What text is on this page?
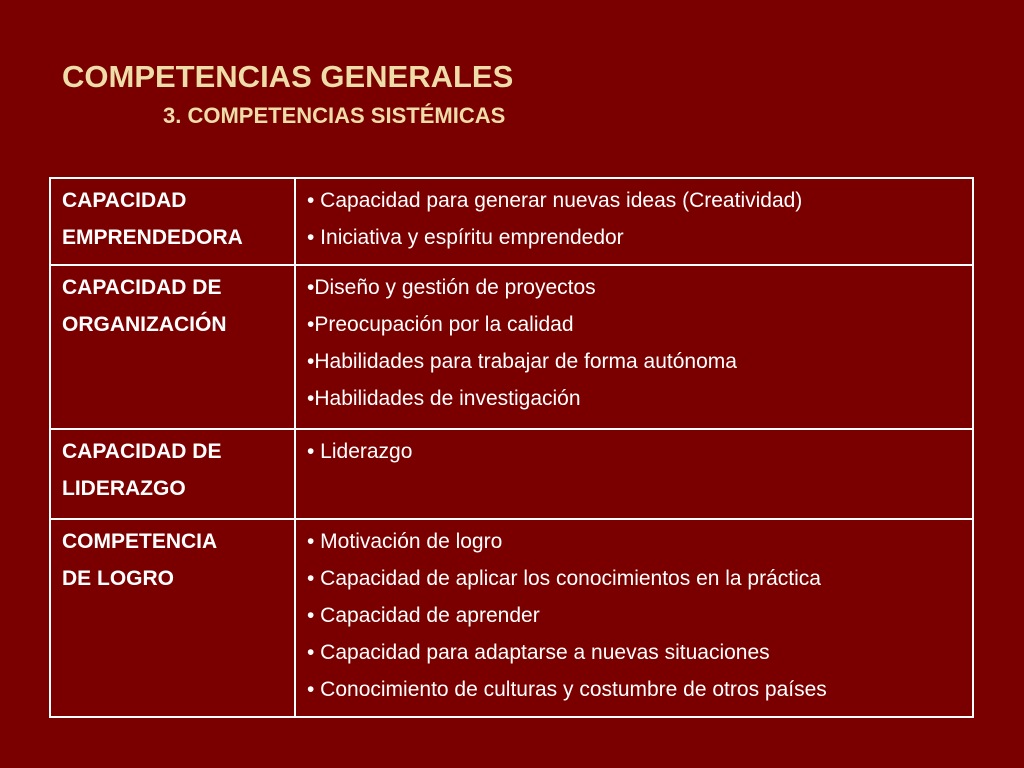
COMPETENCIAS GENERALES
3. COMPETENCIAS SISTÉMICAS
CAPACIDAD
EMPRENDEDORA	• Capacidad para generar nuevas ideas (Creatividad)
• Iniciativa y espíritu emprendedor

CAPACIDAD DE
ORGANIZACIÓN	•Diseño y gestión de proyectos
•Preocupación por la calidad
•Habilidades para trabajar de forma autónoma
•Habilidades de investigación

CAPACIDAD DE
LIDERAZGO	• Liderazgo

COMPETENCIA
DE LOGRO	• Motivación de logro
• Capacidad de aplicar los conocimientos en la práctica
• Capacidad de aprender
• Capacidad para adaptarse a nuevas situaciones
• Conocimiento de culturas y costumbre de otros países
